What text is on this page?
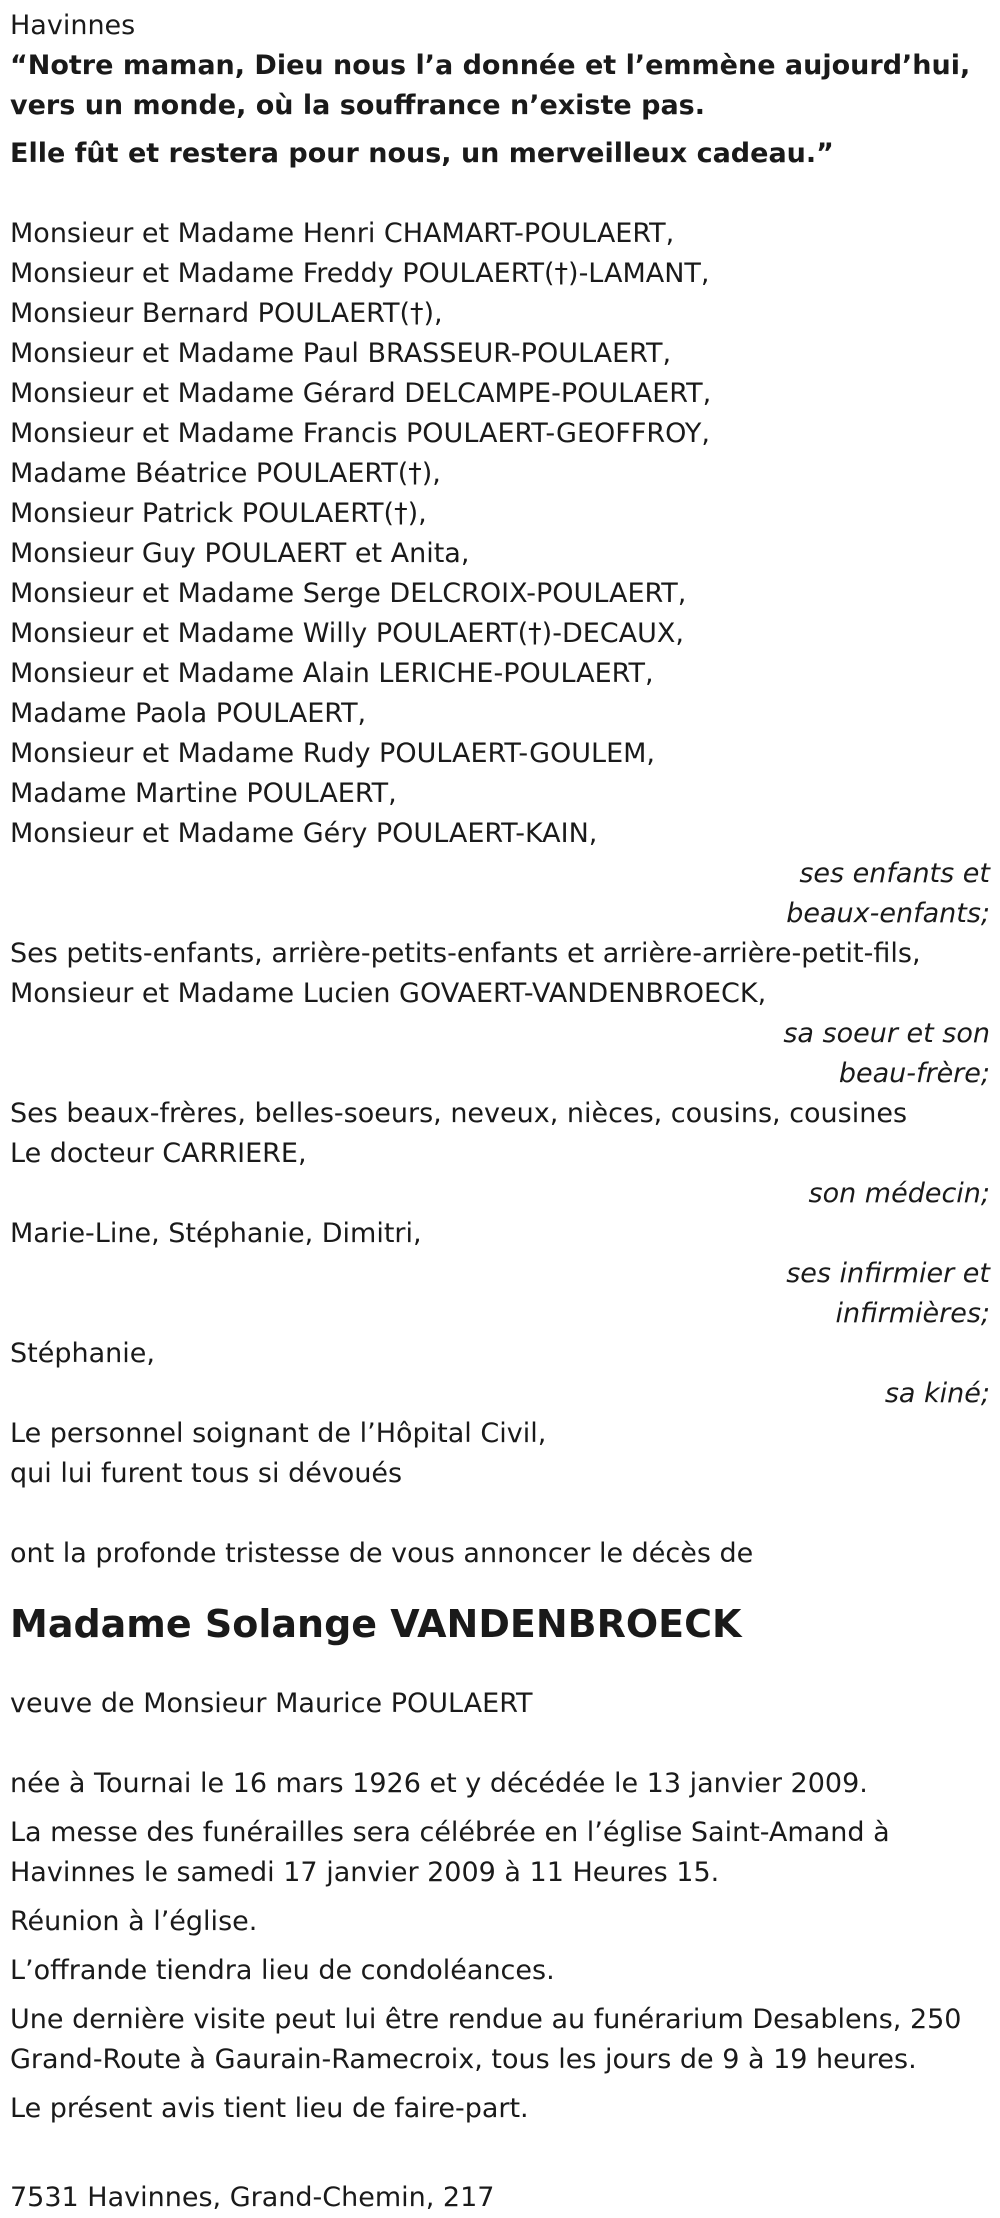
Havinnes

“Notre maman, Dieu nous l’a donnée et l’emmène aujourd’hui, vers un monde, où la souffrance n’existe pas.

Elle fût et restera pour nous, un merveilleux cadeau.”

Monsieur et Madame Henri CHAMART-POULAERT,

Monsieur et Madame Freddy POULAERT(†)-LAMANT,

Monsieur Bernard POULAERT(†),

Monsieur et Madame Paul BRASSEUR-POULAERT,

Monsieur et Madame Gérard DELCAMPE-POULAERT,

Monsieur et Madame Francis POULAERT-GEOFFROY,

Madame Béatrice POULAERT(†),

Monsieur Patrick POULAERT(†),

Monsieur Guy POULAERT et Anita,

Monsieur et Madame Serge DELCROIX-POULAERT,

Monsieur et Madame Willy POULAERT(†)-DECAUX,

Monsieur et Madame Alain LERICHE-POULAERT,

Madame Paola POULAERT,

Monsieur et Madame Rudy POULAERT-GOULEM,

Madame Martine POULAERT,

Monsieur et Madame Géry POULAERT-KAIN,

ses enfants et

beaux-enfants;

Ses petits-enfants, arrière-petits-enfants et arrière-arrière-petit-fils,

Monsieur et Madame Lucien GOVAERT-VANDENBROECK,

sa soeur et son

beau-frère;

Ses beaux-frères, belles-soeurs, neveux, nièces, cousins, cousines

Le docteur CARRIERE,

son médecin;

Marie-Line, Stéphanie, Dimitri,

ses infirmier et

infirmières;

Stéphanie,

sa kiné;

Le personnel soignant de l’Hôpital Civil,

qui lui furent tous si dévoués

ont la profonde tristesse de vous annoncer le décès de

Madame Solange VANDENBROECK

veuve de Monsieur Maurice POULAERT

née à Tournai le 16 mars 1926 et y décédée le 13 janvier 2009.

La messe des funérailles sera célébrée en l’église Saint-Amand à Havinnes le samedi 17 janvier 2009 à 11 Heures 15.

Réunion à l’église.

L’offrande tiendra lieu de condoléances.

Une dernière visite peut lui être rendue au funérarium Desablens, 250 Grand-Route à Gaurain-Ramecroix, tous les jours de 9 à 19 heures.

Le présent avis tient lieu de faire-part.

7531 Havinnes, Grand-Chemin, 217
